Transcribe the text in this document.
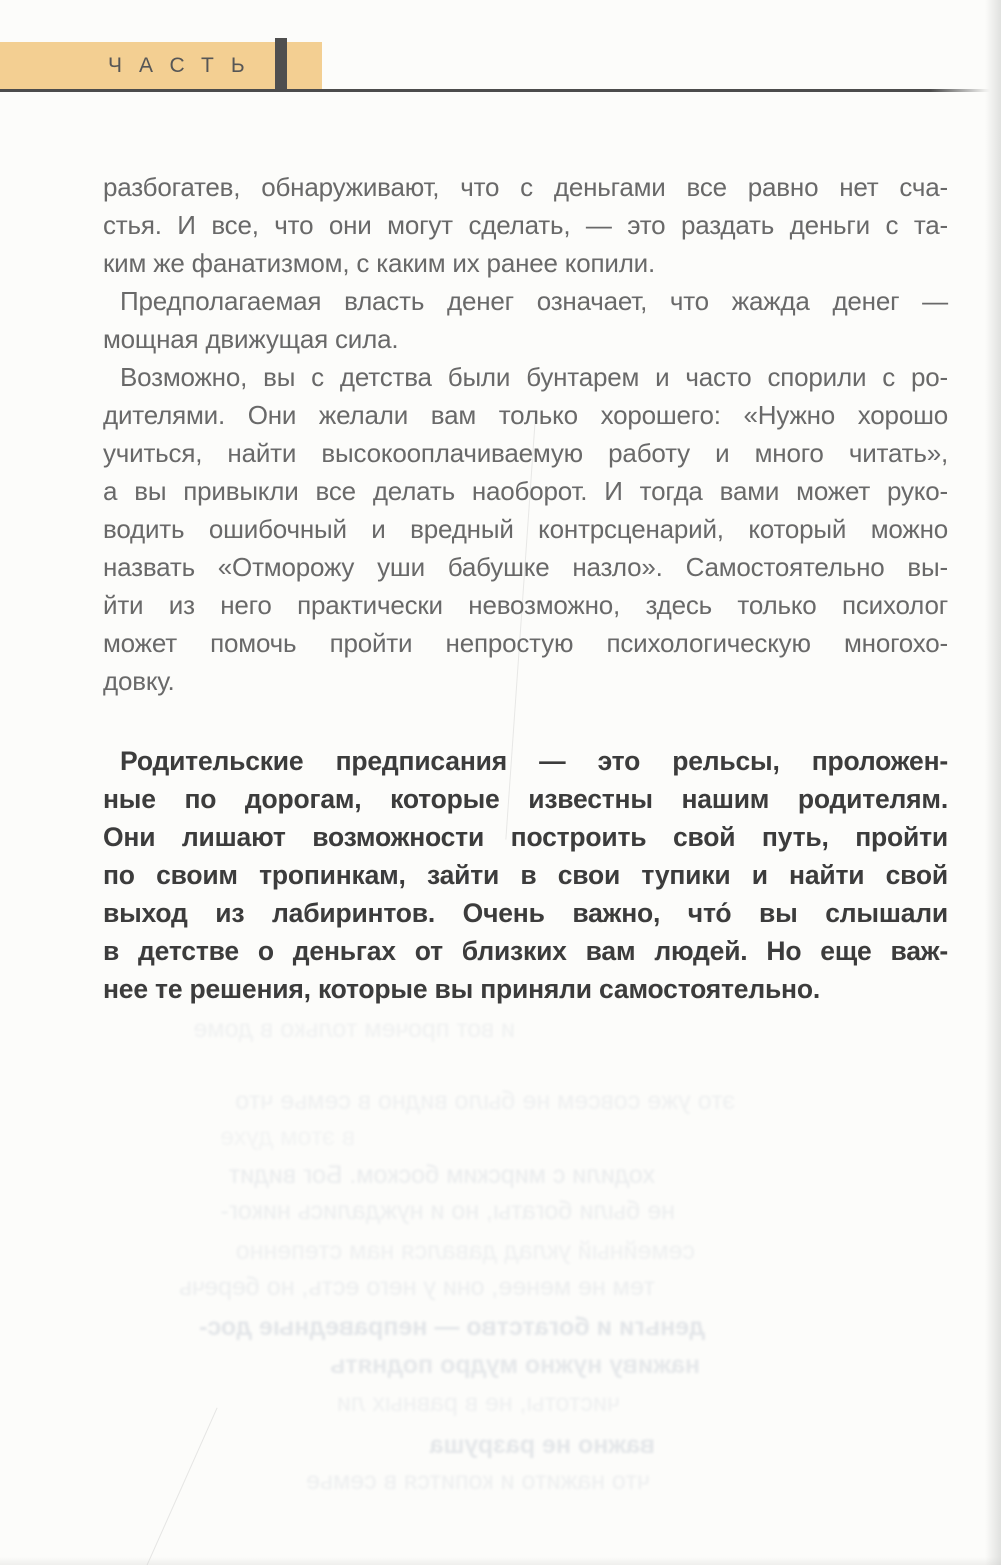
ЧАСТЬ
разбогатев, обнаруживают, что с деньгами все равно нет сча-
стья. И все, что они могут сделать, — это раздать деньги с та-
ким же фанатизмом, с каким их ранее копили.
Предполагаемая власть денег означает, что жажда денег —
мощная движущая сила.
Возможно, вы с детства были бунтарем и часто спорили с ро-
дителями. Они желали вам только хорошего: «Нужно хорошо
учиться, найти высокооплачиваемую работу и много читать»,
а вы привыкли все делать наоборот. И тогда вами может руко-
водить ошибочный и вредный контрсценарий, который можно
назвать «Отморожу уши бабушке назло». Самостоятельно вы-
йти из него практически невозможно, здесь только психолог
может помочь пройти непростую психологическую многохо-
довку.
Родительские предписания — это рельсы, проложен-
ные по дорогам, которые известны нашим родителям.
Они лишают возможности построить свой путь, пройти
по своим тропинкам, зайти в свои тупики и найти свой
выход из лабиринтов. Очень важно, что́ вы слышали
в детстве о деньгах от близких вам людей. Но еще важ-
нее те решения, которые вы приняли самостоятельно.
и вот прочем только в доме
это уже совсем не было видно в семье что
в этом духе
ходили с мирским боском. Бог видит
не были богаты, но и нуждались никог-
семейный уклад давался нам степенно
тем не менее, они у него есть, но беречь
деньги и богатство — неправедные дос-
наживу нужно мудро поднять
чистоты, не в равных ли
важно не разруша
что нажито и копится в семье
